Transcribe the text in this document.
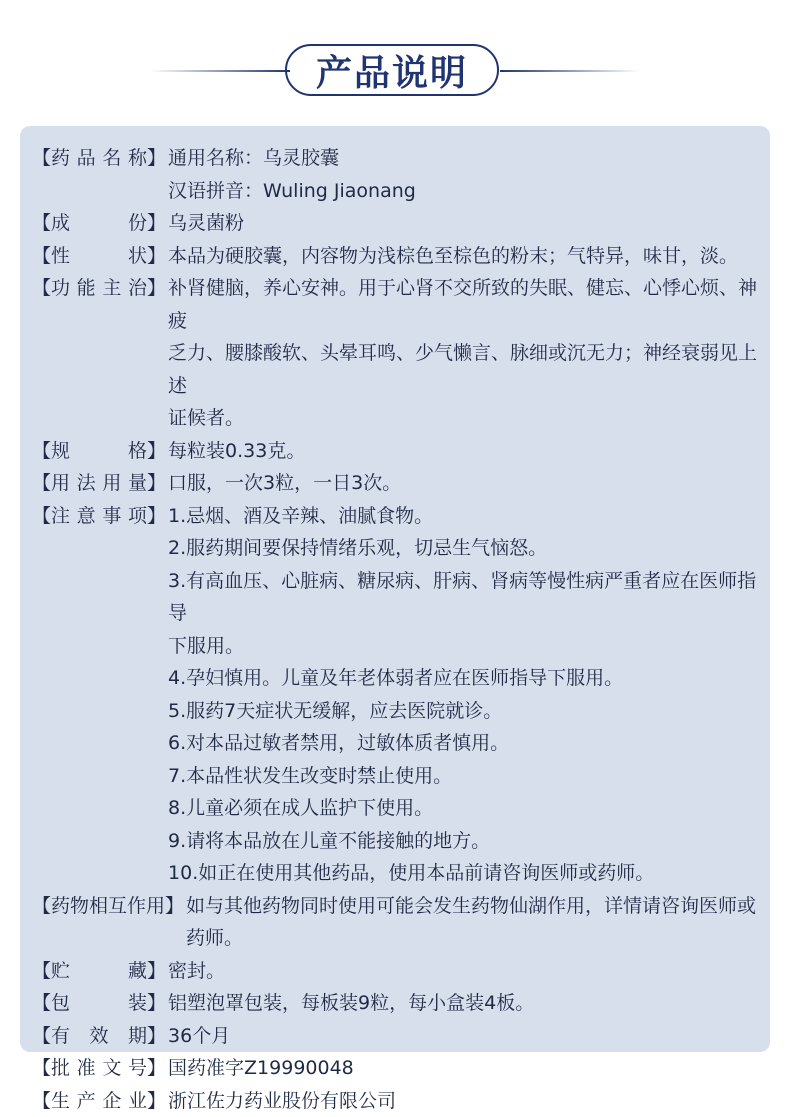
产品说明
【 药 品 名 称 】 通用名称：乌灵胶囊
汉语拼音：Wuling Jiaonang
【 成	份 】 乌灵菌粉
【 性	状 】 本品为硬胶囊，内容物为浅棕色至棕色的粉末；气特异，味甘，淡。
【 功 能 主 治 】 补肾健脑，养心安神。用于心肾不交所致的失眠、健忘、心悸心烦、神疲
乏力、腰膝酸软、头晕耳鸣、少气懒言、脉细或沉无力；神经衰弱见上述
证候者。
【 规	格 】 每粒装0.33克。
【 用 法 用 量 】 口服，一次3粒，一日3次。
【 注 意 事 项 】 1.忌烟、酒及辛辣、油腻食物。
2.服药期间要保持情绪乐观，切忌生气恼怒。
3.有高血压、心脏病、糖尿病、肝病、肾病等慢性病严重者应在医师指导
下服用。
4.孕妇慎用。儿童及年老体弱者应在医师指导下服用。
5.服药7天症状无缓解，应去医院就诊。
6.对本品过敏者禁用，过敏体质者慎用。
7.本品性状发生改变时禁止使用。
8.儿童必须在成人监护下使用。
9.请将本品放在儿童不能接触的地方。
10.如正在使用其他药品，使用本品前请咨询医师或药师。
【 药物相互作用 】 如与其他药物同时使用可能会发生药物仙湖作用，详情请咨询医师或
药师。
【 贮	藏 】 密封。
【 包	装 】 铝塑泡罩包装，每板装9粒，每小盒装4板。
【 有 效 期 】 36个月
【 批 准 文 号 】 国药准字Z19990048
【 生 产 企 业 】 浙江佐力药业股份有限公司
